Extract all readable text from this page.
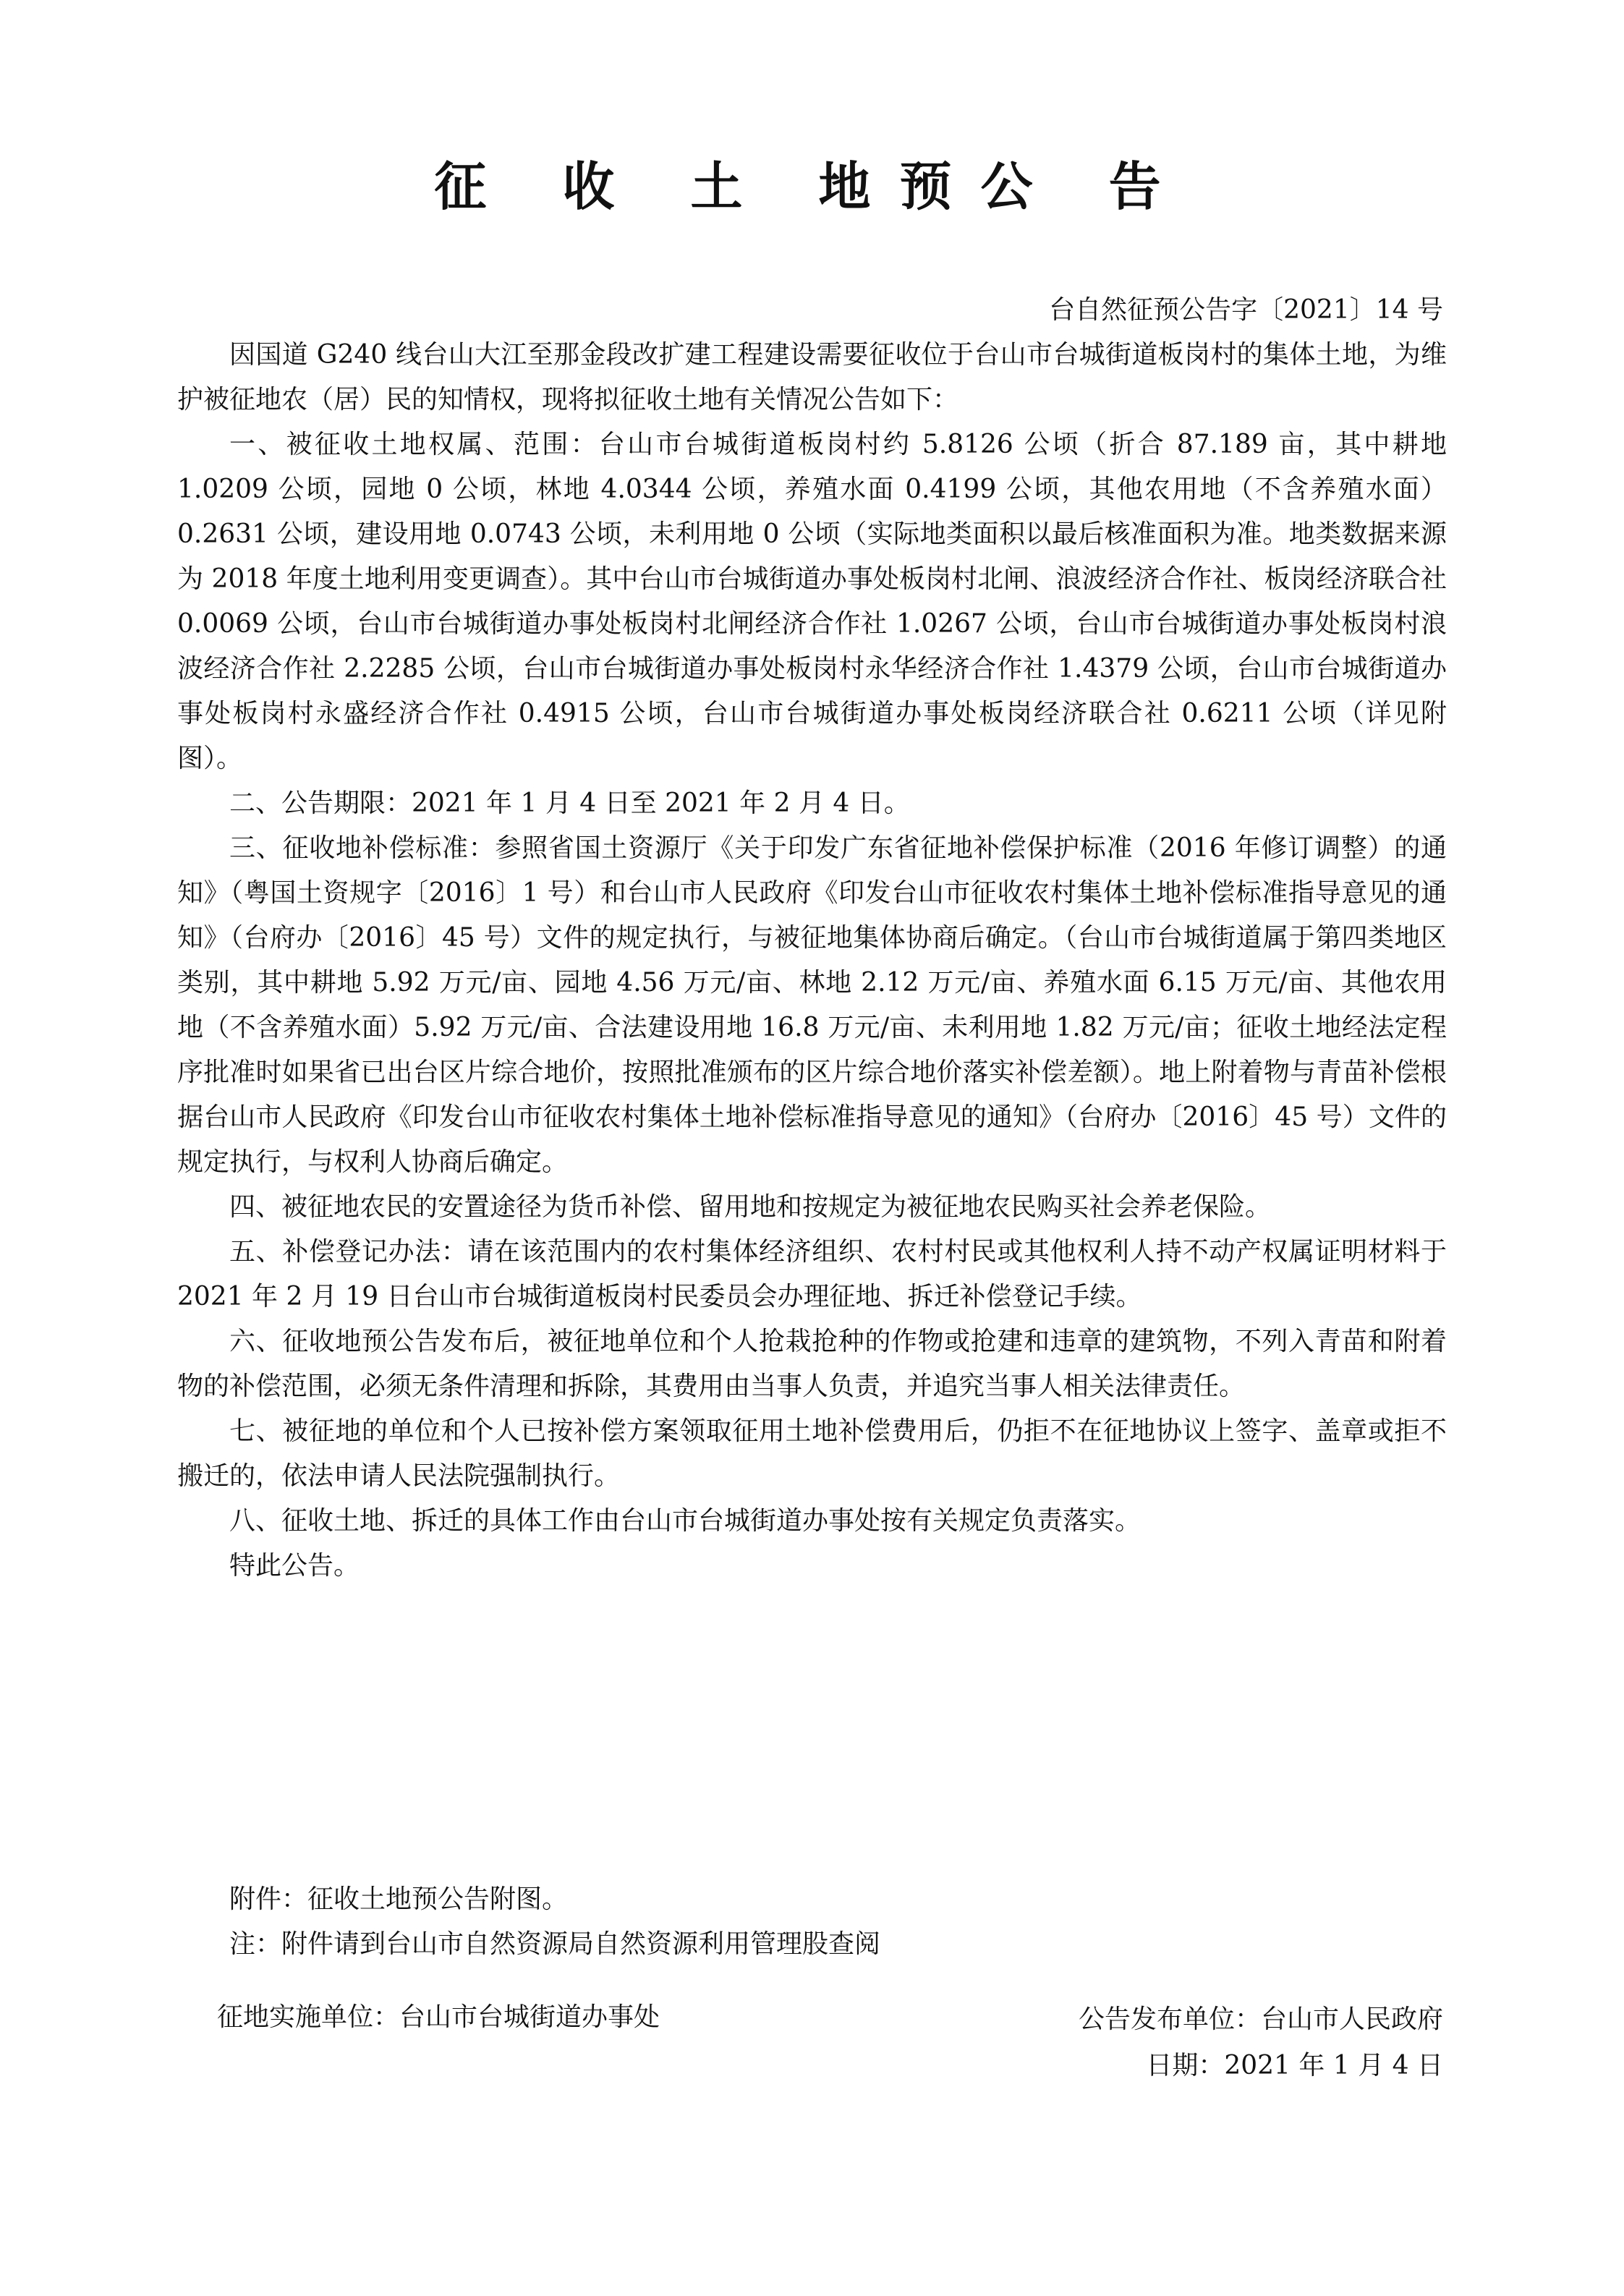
征 收 土 地预公 告
台自然征预公告字〔2021〕14 号

因国道 G240 线台山大江至那金段改扩建工程建设需要征收位于台山市台城街道板岗村的集体土地，为维护被征地农（居）民的知情权，现将拟征收土地有关情况公告如下：

一、被征收土地权属、范围：台山市台城街道板岗村约 5.8126 公顷（折合 87.189 亩，其中耕地 1.0209 公顷，园地 0 公顷，林地 4.0344 公顷，养殖水面 0.4199 公顷，其他农用地（不含养殖水面）0.2631 公顷，建设用地 0.0743 公顷，未利用地 0 公顷（实际地类面积以最后核准面积为准。地类数据来源为 2018 年度土地利用变更调查）。其中台山市台城街道办事处板岗村北闸、浪波经济合作社、板岗经济联合社 0.0069 公顷，台山市台城街道办事处板岗村北闸经济合作社 1.0267 公顷，台山市台城街道办事处板岗村浪波经济合作社 2.2285 公顷，台山市台城街道办事处板岗村永华经济合作社 1.4379 公顷，台山市台城街道办事处板岗村永盛经济合作社 0.4915 公顷，台山市台城街道办事处板岗经济联合社 0.6211 公顷（详见附图）。

二、公告期限：2021 年 1 月 4 日至 2021 年 2 月 4 日。

三、征收地补偿标准：参照省国土资源厅《关于印发广东省征地补偿保护标准（2016 年修订调整）的通知》（粤国土资规字〔2016〕1 号）和台山市人民政府《印发台山市征收农村集体土地补偿标准指导意见的通知》（台府办〔2016〕45 号）文件的规定执行，与被征地集体协商后确定。（台山市台城街道属于第四类地区类别，其中耕地 5.92 万元/亩、园地 4.56 万元/亩、林地 2.12 万元/亩、养殖水面 6.15 万元/亩、其他农用地（不含养殖水面）5.92 万元/亩、合法建设用地 16.8 万元/亩、未利用地 1.82 万元/亩；征收土地经法定程序批准时如果省已出台区片综合地价，按照批准颁布的区片综合地价落实补偿差额）。地上附着物与青苗补偿根据台山市人民政府《印发台山市征收农村集体土地补偿标准指导意见的通知》（台府办〔2016〕45 号）文件的规定执行，与权利人协商后确定。

四、被征地农民的安置途径为货币补偿、留用地和按规定为被征地农民购买社会养老保险。

五、补偿登记办法：请在该范围内的农村集体经济组织、农村村民或其他权利人持不动产权属证明材料于 2021 年 2 月 19 日台山市台城街道板岗村民委员会办理征地、拆迁补偿登记手续。

六、征收地预公告发布后，被征地单位和个人抢栽抢种的作物或抢建和违章的建筑物，不列入青苗和附着物的补偿范围，必须无条件清理和拆除，其费用由当事人负责，并追究当事人相关法律责任。

七、被征地的单位和个人已按补偿方案领取征用土地补偿费用后，仍拒不在征地协议上签字、盖章或拒不搬迁的，依法申请人民法院强制执行。

八、征收土地、拆迁的具体工作由台山市台城街道办事处按有关规定负责落实。

特此公告。

附件：征收土地预公告附图。

注：附件请到台山市自然资源局自然资源利用管理股查阅

征地实施单位：台山市台城街道办事处	公告发布单位：台山市人民政府
日期：2021 年 1 月 4 日
